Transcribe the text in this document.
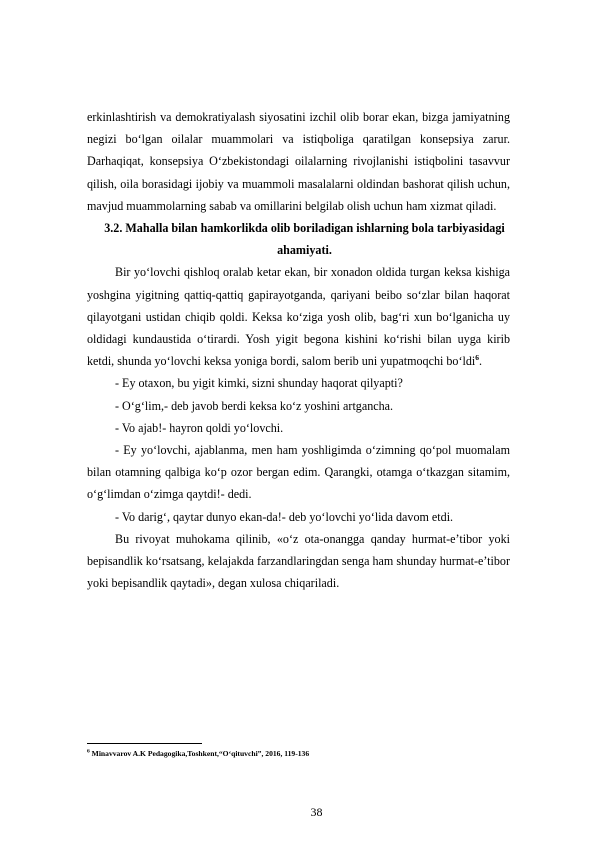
erkinlashtirish va demokratiyalash siyosatini izchil olib borar ekan, bizga jamiyatning negizi bo‘lgan oilalar muammolari va istiqboliga qaratilgan konsepsiya zarur. Darhaqiqat, konsepsiya O‘zbekistondagi oilalarning rivojlanishi istiqbolini tasavvur qilish, oila borasidagi ijobiy va muammoli masalalarni oldindan bashorat qilish uchun, mavjud muammolarning sabab va omillarini belgilab olish uchun ham xizmat qiladi.

3.2. Mahalla bilan hamkorlikda olib boriladigan ishlarning bola tarbiyasidagi ahamiyati.

Bir yo‘lovchi qishloq oralab ketar ekan, bir xonadon oldida turgan keksa kishiga yoshgina yigitning qattiq-qattiq gapirayotganda, qariyani beibo so‘zlar bilan haqorat qilayotgani ustidan chiqib qoldi. Keksa ko‘ziga yosh olib, bag‘ri xun bo‘lganicha uy oldidagi kundaustida o‘tirardi. Yosh yigit begona kishini ko‘rishi bilan uyga kirib ketdi, shunda yo‘lovchi keksa yoniga bordi, salom berib uni yupatmoqchi bo‘ldi$^6$.

- Ey otaxon, bu yigit kimki, sizni shunday haqorat qilyapti?

- O‘g‘lim,- deb javob berdi keksa ko‘z yoshini artgancha.

- Vo ajab!- hayron qoldi yo‘lovchi.

- Ey yo‘lovchi, ajablanma, men ham yoshligimda o‘zimning qo‘pol muomalam bilan otamning qalbiga ko‘p ozor bergan edim. Qarangki, otamga o‘tkazgan sitamim, o‘g‘limdan o‘zimga qaytdi!- dedi.

- Vo darig‘, qaytar dunyo ekan-da!- deb yo‘lovchi yo‘lida davom etdi.

Bu rivoyat muhokama qilinib, «o‘z ota-onangga qanday hurmat-e’tibor yoki bepisandlik ko‘rsatsang, kelajakda farzandlaringdan senga ham shunday hurmat-e’tibor yoki bepisandlik qaytadi», degan xulosa chiqariladi.

$^6$ Minavvarov A.K Pedagogika,Toshkent,“O‘qituvchi”, 2016, 119-136
38
